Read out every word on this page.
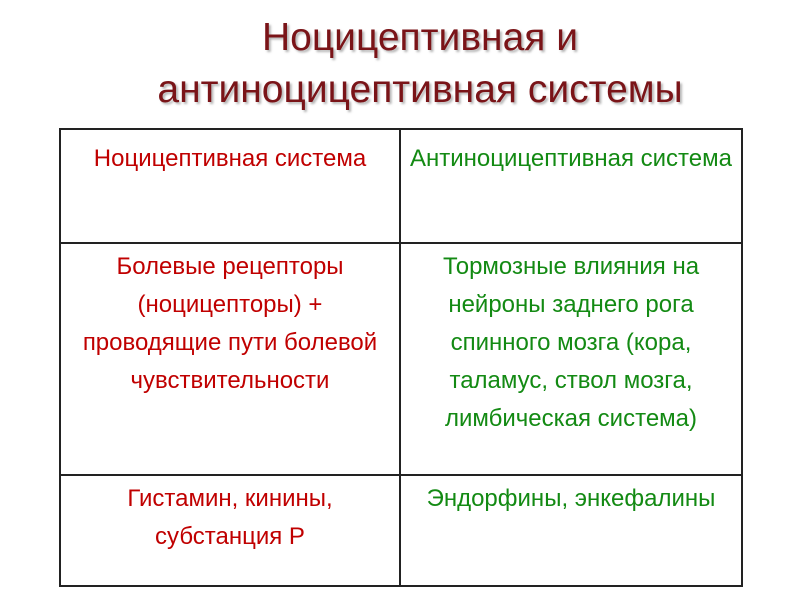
Ноцицептивная и
антиноцицептивная системы
Ноцицептивная система	Антиноцицептивная система
Болевые рецепторы (ноцицепторы) + проводящие пути болевой чувствительности	Тормозные влияния на нейроны заднего рога спинного мозга (кора, таламус, ствол мозга, лимбическая система)
Гистамин, кинины, субстанция Р	Эндорфины, энкефалины
